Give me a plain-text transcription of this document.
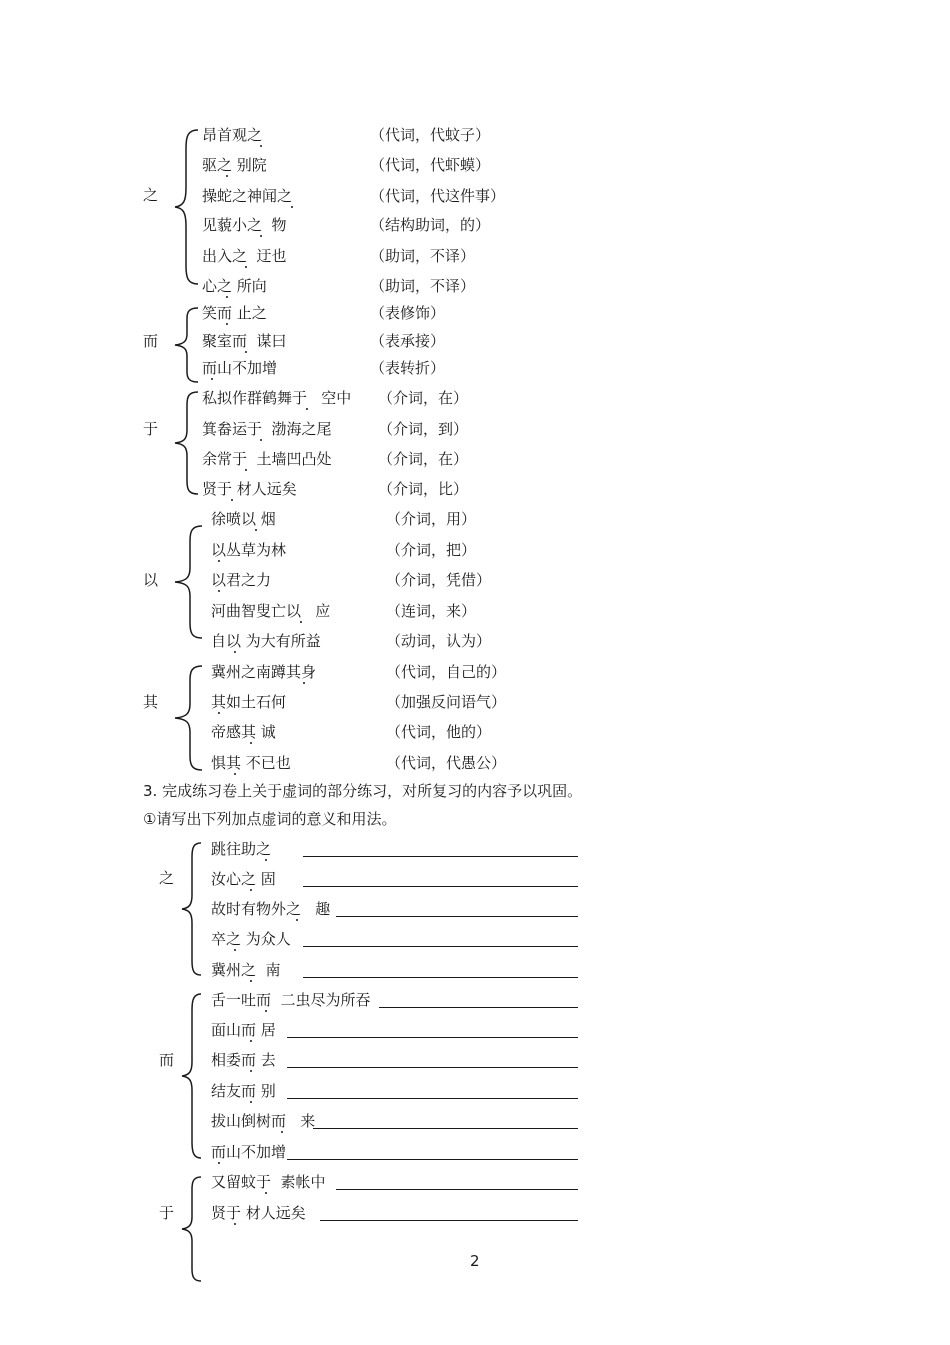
之
昂首观之	（代词，代蚊子）
驱之 别院	（代词，代虾蟆）
操蛇之神闻之	（代词，代这件事）
见藐小之  物	（结构助词，的）
出入之  迂也	（助词，不译）
心之 所向	（助词，不译）
而
笑而 止之	（表修饰）
聚室而  谋曰	（表承接）
而山不加增	（表转折）
于
私拟作群鹤舞于   空中 （介词，在）
箕畚运于  渤海之尾	（介词，到）
余常于  土墙凹凸处	（介词，在）
贤于 材人远矣	（介词，比）
以
徐喷以 烟	（介词，用）
以丛草为林	（介词，把）
以君之力	（介词，凭借）
河曲智叟亡以   应	（连词，来）
自以 为大有所益	（动词，认为）
其
冀州之南蹲其身	（代词，自己的）
其如土石何	（加强反问语气）
帝感其 诚	（代词，他的）
惧其 不已也	（代词，代愚公）
3. 完成练习卷上关于虚词的部分练习，对所复习的内容予以巩固。
①请写出下列加点虚词的意义和用法。
之
跳往助之
汝心之 固
故时有物外之   趣
卒之 为众人
冀州之  南
而
舌一吐而  二虫尽为所吞
面山而 居
相委而 去
结友而 别
拔山倒树而   来
而山不加增
于
又留蚊于  素帐中
贤于 材人远矣
2
